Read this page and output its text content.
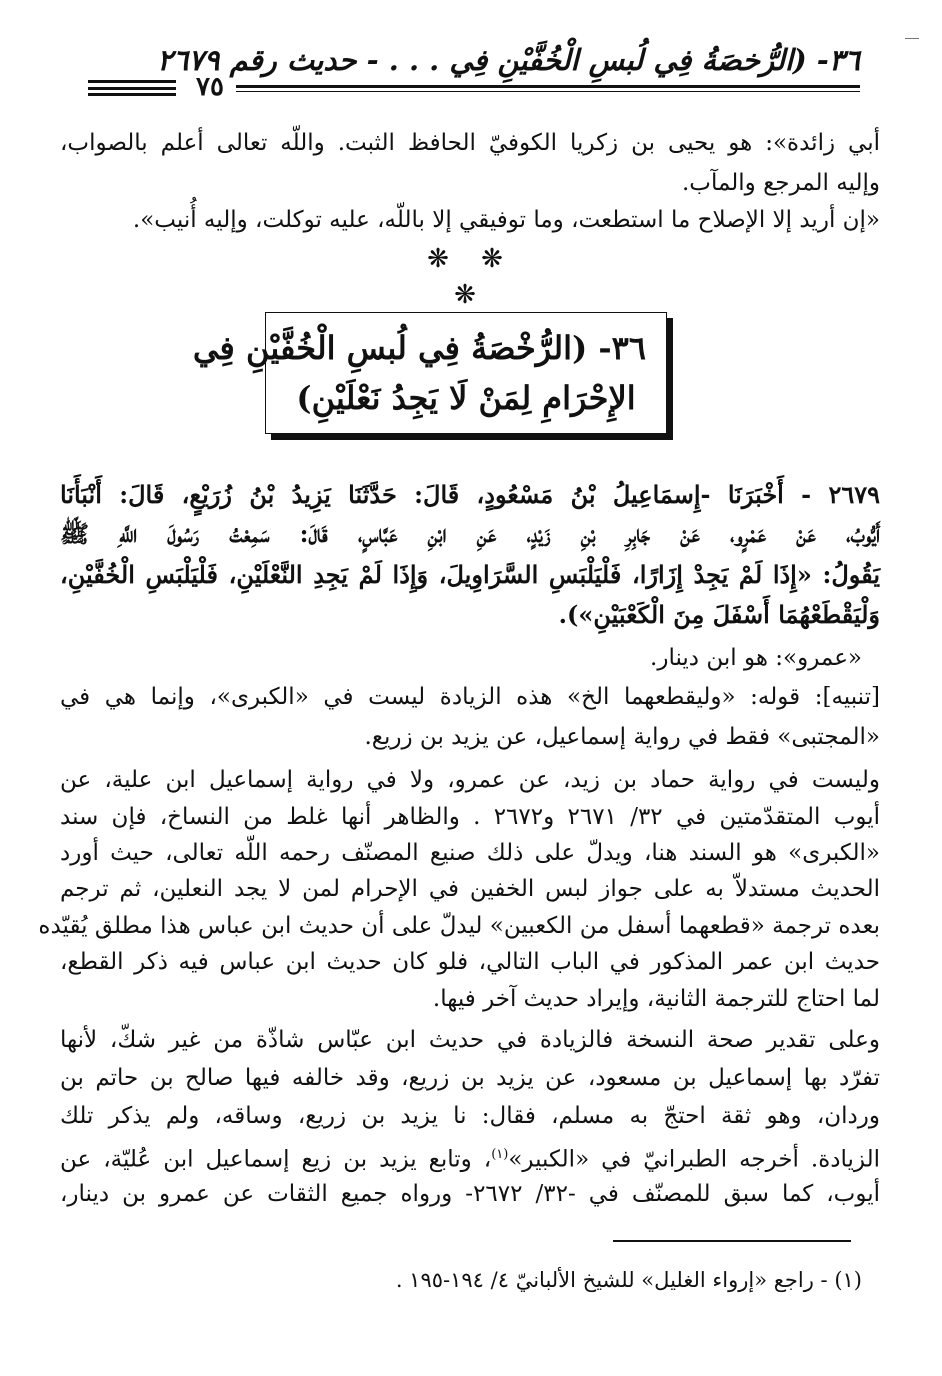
٣٦- (الرُّخصَةُ فِي لُبسِ الْخُفَّيْنِ فِي . . . - حديث رقم ٢٦٧٩
٧٥
أبي زائدة»: هو يحيى بن زكريا الكوفيّ الحافظ الثبت. واللّه تعالى أعلم بالصواب،
وإليه المرجع والمآب.
«إن أريد إلا الإصلاح ما استطعت، وما توفيقي إلا باللّه، عليه توكلت، وإليه أُنيب».
❋ ❋ ❋
٣٦- (الرُّخْصَةُ فِي لُبسِ الْخُفَّيْنِ فِي
الإِحْرَامِ لِمَنْ لَا يَجِدُ نَعْلَيْنِ)
٢٦٧٩ - أَخْبَرَنَا -إِسمَاعِيلُ بْنُ مَسْعُودٍ، قَالَ: حَدَّثَنَا يَزِيدُ بْنُ زُرَيْعٍ، قَالَ: أَنْبَأَنَا
أَيُّوبُ، عَنْ عَمْرٍو، عَنْ جَابِرِ بْنِ زَيْدٍ، عَنِ ابْنِ عَبَّاسٍ، قَالَ: سَمِعْتُ رَسُولَ اللَّهِ ﷺ
يَقُولُ: «إِذَا لَمْ يَجِدْ إِزَارًا، فَلْيَلْبَسِ السَّرَاوِيلَ، وَإِذَا لَمْ يَجِدِ النَّعْلَيْنِ، فَلْيَلْبَسِ الْخُفَّيْنِ،
وَلْيَقْطَعْهُمَا أَسْفَلَ مِنَ الْكَعْبَيْنِ»).
«عمرو»: هو ابن دينار.
[تنبيه]: قوله: «وليقطعهما الخ» هذه الزيادة ليست في «الكبرى»، وإنما هي في
«المجتبى» فقط في رواية إسماعيل، عن يزيد بن زريع.
وليست في رواية حماد بن زيد، عن عمرو، ولا في رواية إسماعيل ابن علية، عن
أيوب المتقدّمتين في ٣٢/ ٢٦٧١ و٢٦٧٢ . والظاهر أنها غلط من النساخ، فإن سند
«الكبرى» هو السند هنا، ويدلّ على ذلك صنيع المصنّف رحمه اللّه تعالى، حيث أورد
الحديث مستدلاّ به على جواز لبس الخفين في الإحرام لمن لا يجد النعلين، ثم ترجم
بعده ترجمة «قطعهما أسفل من الكعبين» ليدلّ على أن حديث ابن عباس هذا مطلق يُقيّده
حديث ابن عمر المذكور في الباب التالي، فلو كان حديث ابن عباس فيه ذكر القطع،
لما احتاج للترجمة الثانية، وإيراد حديث آخر فيها.
وعلى تقدير صحة النسخة فالزيادة في حديث ابن عبّاس شاذّة من غير شكّ، لأنها
تفرّد بها إسماعيل بن مسعود، عن يزيد بن زريع، وقد خالفه فيها صالح بن حاتم بن
وردان، وهو ثقة احتجّ به مسلم، فقال: نا يزيد بن زريع، وساقه، ولم يذكر تلك
الزيادة. أخرجه الطبرانيّ في «الكبير»$^{(١)}$، وتابع يزيد بن زيع إسماعيل ابن عُليّة، عن
أيوب، كما سبق للمصنّف في -٣٢/ ٢٦٧٢- ورواه جميع الثقات عن عمرو بن دينار،
(١) - راجع «إرواء الغليل» للشيخ الألبانيّ ٤/ ١٩٤-١٩٥ .
